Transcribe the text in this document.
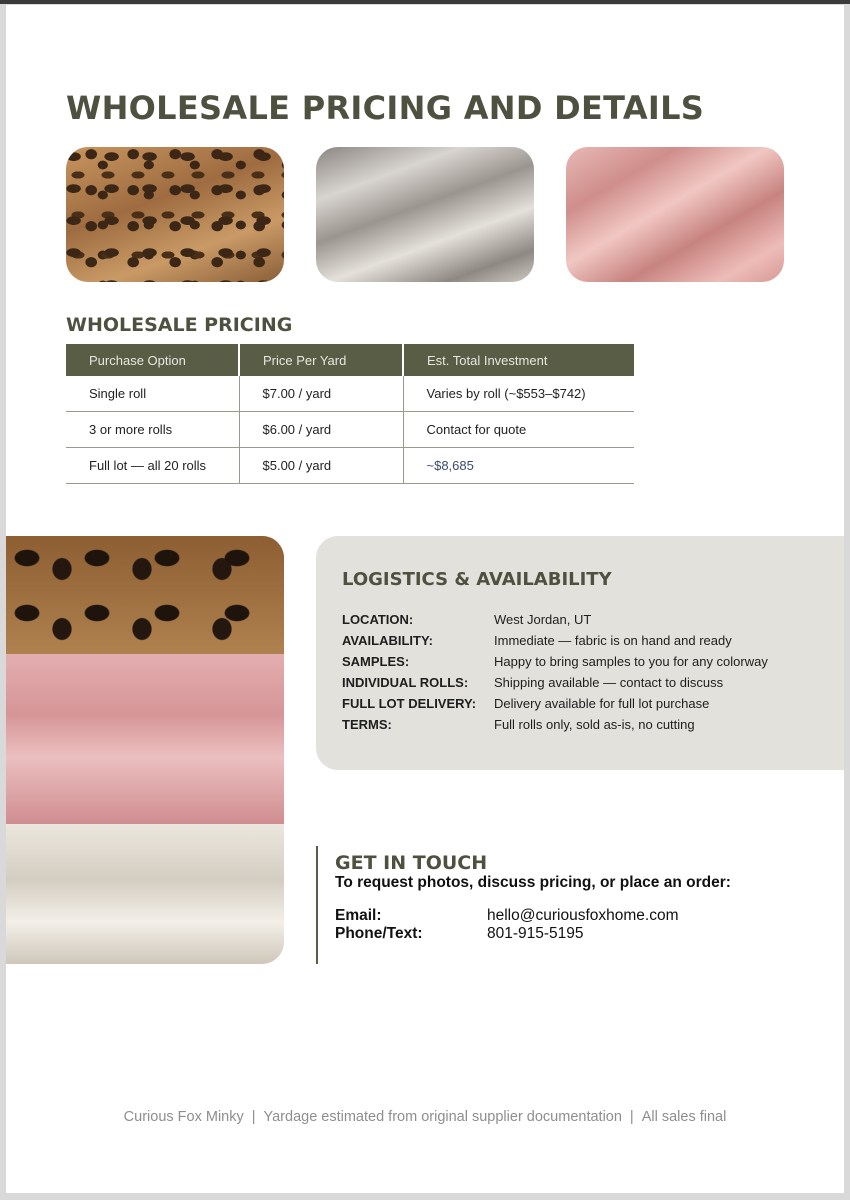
WHOLESALE PRICING AND DETAILS
WHOLESALE PRICING
Purchase Option	Price Per Yard	Est. Total Investment
Single roll	$7.00 / yard	Varies by roll (~$553–$742)
3 or more rolls	$6.00 / yard	Contact for quote
Full lot — all 20 rolls	$5.00 / yard	~$8,685
LOGISTICS & AVAILABILITY
LOCATION:	West Jordan, UT
AVAILABILITY:	Immediate — fabric is on hand and ready
SAMPLES:	Happy to bring samples to you for any colorway
INDIVIDUAL ROLLS: Shipping available — contact to discuss
FULL LOT DELIVERY: Delivery available for full lot purchase
TERMS:	Full rolls only, sold as-is, no cutting
GET IN TOUCH
To request photos, discuss pricing, or place an order:
Email:	hello@curiousfoxhome.com
Phone/Text:	801-915-5195
Curious Fox Minky | Yardage estimated from original supplier documentation | All sales final
